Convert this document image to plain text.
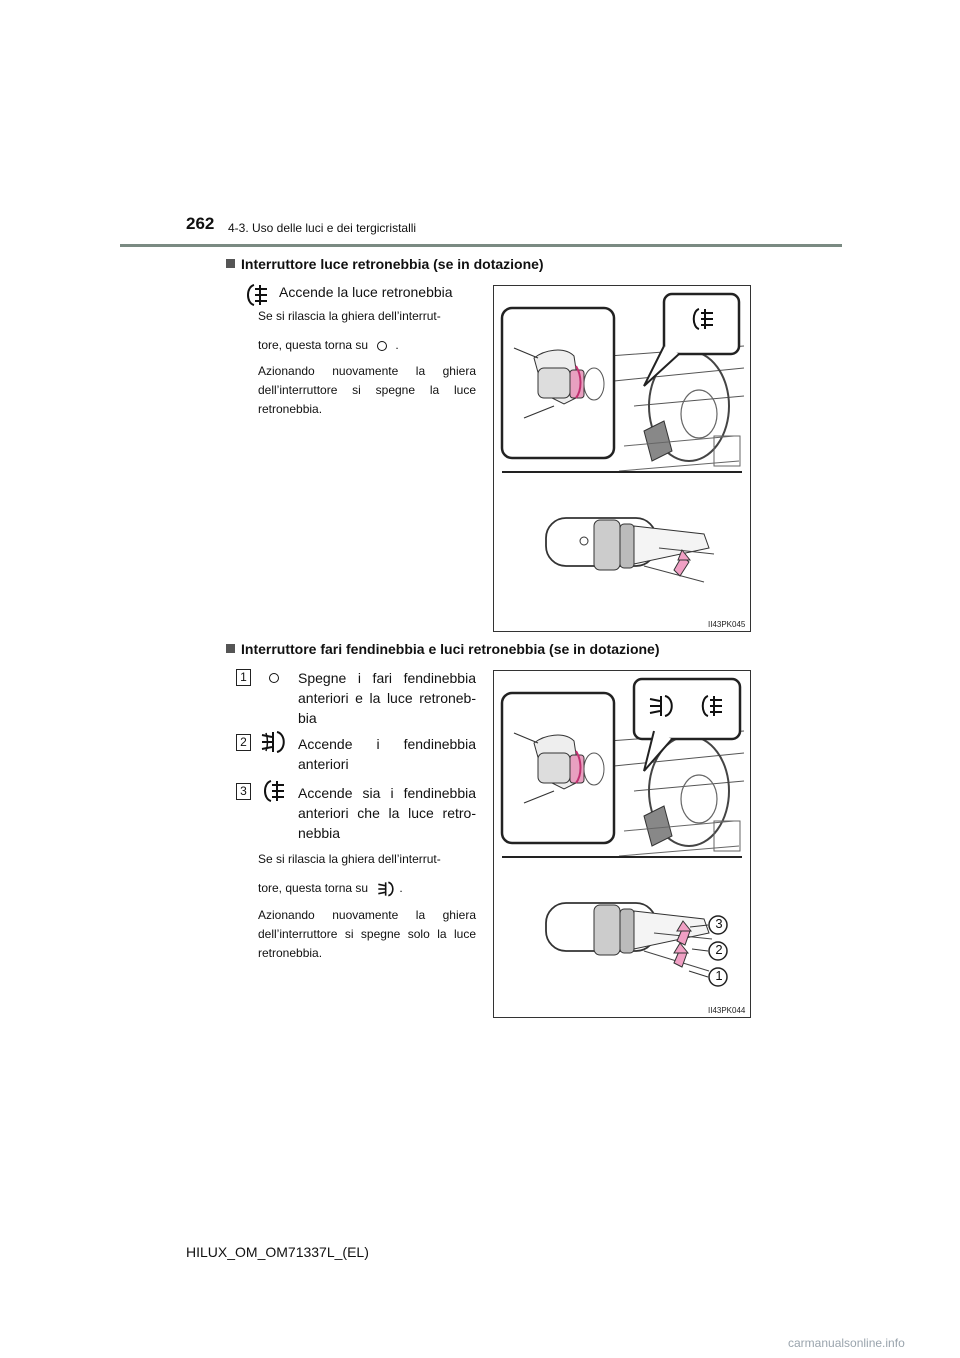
262 4-3. Uso delle luci e dei tergicristalli
Interruttore luce retronebbia (se in dotazione)
Accende la luce retronebbia
Se si rilascia la ghiera dell’interrut-
tore, questa torna su .
Azionando nuovamente la ghiera dell’interruttore si spegne la luce retronebbia.
II43PK045
Interruttore fari fendinebbia e luci retronebbia (se in dotazione)
1	Spegne i fari fendinebbia anteriori e la luce retroneb-bia
2	Accende i fendinebbia anteriori
3	Accende sia i fendinebbia anteriori che la luce retro-nebbia
Se si rilascia la ghiera dell’interrut-
tore, questa torna su	.
Azionando nuovamente la ghiera dell’interruttore si spegne solo la luce retronebbia.
3
2
1
II43PK044
HILUX_OM_OM71337L_(EL)
carmanualsonline.info
